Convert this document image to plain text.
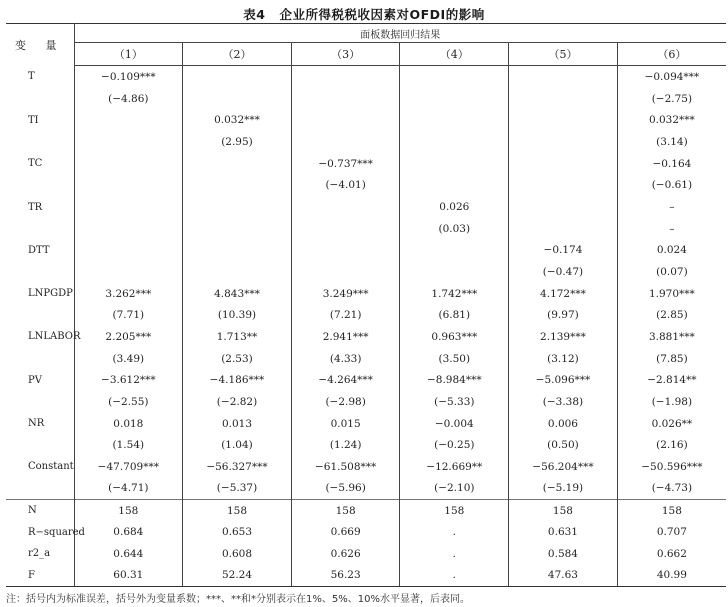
表4 企业所得税税收因素对OFDI的影响
变 量	面板数据回归结果					
	（1）	（2）	（3）	（4）	（5）	（6）
T	−0.109***					−0.094***
	(−4.86)					(−2.75)
TI		0.032***				0.032***
		(2.95)				(3.14)
TC			−0.737***			−0.164
			(−4.01)			(−0.61)
TR				0.026		–
				(0.03)		–
DTT					−0.174	0.024
					(−0.47)	(0.07)
LNPGDP	3.262***	4.843***	3.249***	1.742***	4.172***	1.970***
	(7.71)	(10.39)	(7.21)	(6.81)	(9.97)	(2.85)
LNLABOR	2.205***	1.713**	2.941***	0.963***	2.139***	3.881***
	(3.49)	(2.53)	(4.33)	(3.50)	(3.12)	(7.85)
PV	−3.612***	−4.186***	−4.264***	−8.984***	−5.096***	−2.814**
	(−2.55)	(−2.82)	(−2.98)	(−5.33)	(−3.38)	(−1.98)
NR	0.018	0.013	0.015	−0.004	0.006	0.026**
	(1.54)	(1.04)	(1.24)	(−0.25)	(0.50)	(2.16)
Constant	−47.709***	−56.327***	−61.508***	−12.669**	−56.204***	−50.596***
	(−4.71)	(−5.37)	(−5.96)	(−2.10)	(−5.19)	(−4.73)
N	158	158	158	158	158	158
R−squared	0.684	0.653	0.669	.	0.631	0.707
r2_a	0.644	0.608	0.626	.	0.584	0.662
F	60.31	52.24	56.23	.	47.63	40.99
注：括号内为标准误差，括号外为变量系数；***、**和*分别表示在1%、5%、10%水平显著，后表同。
